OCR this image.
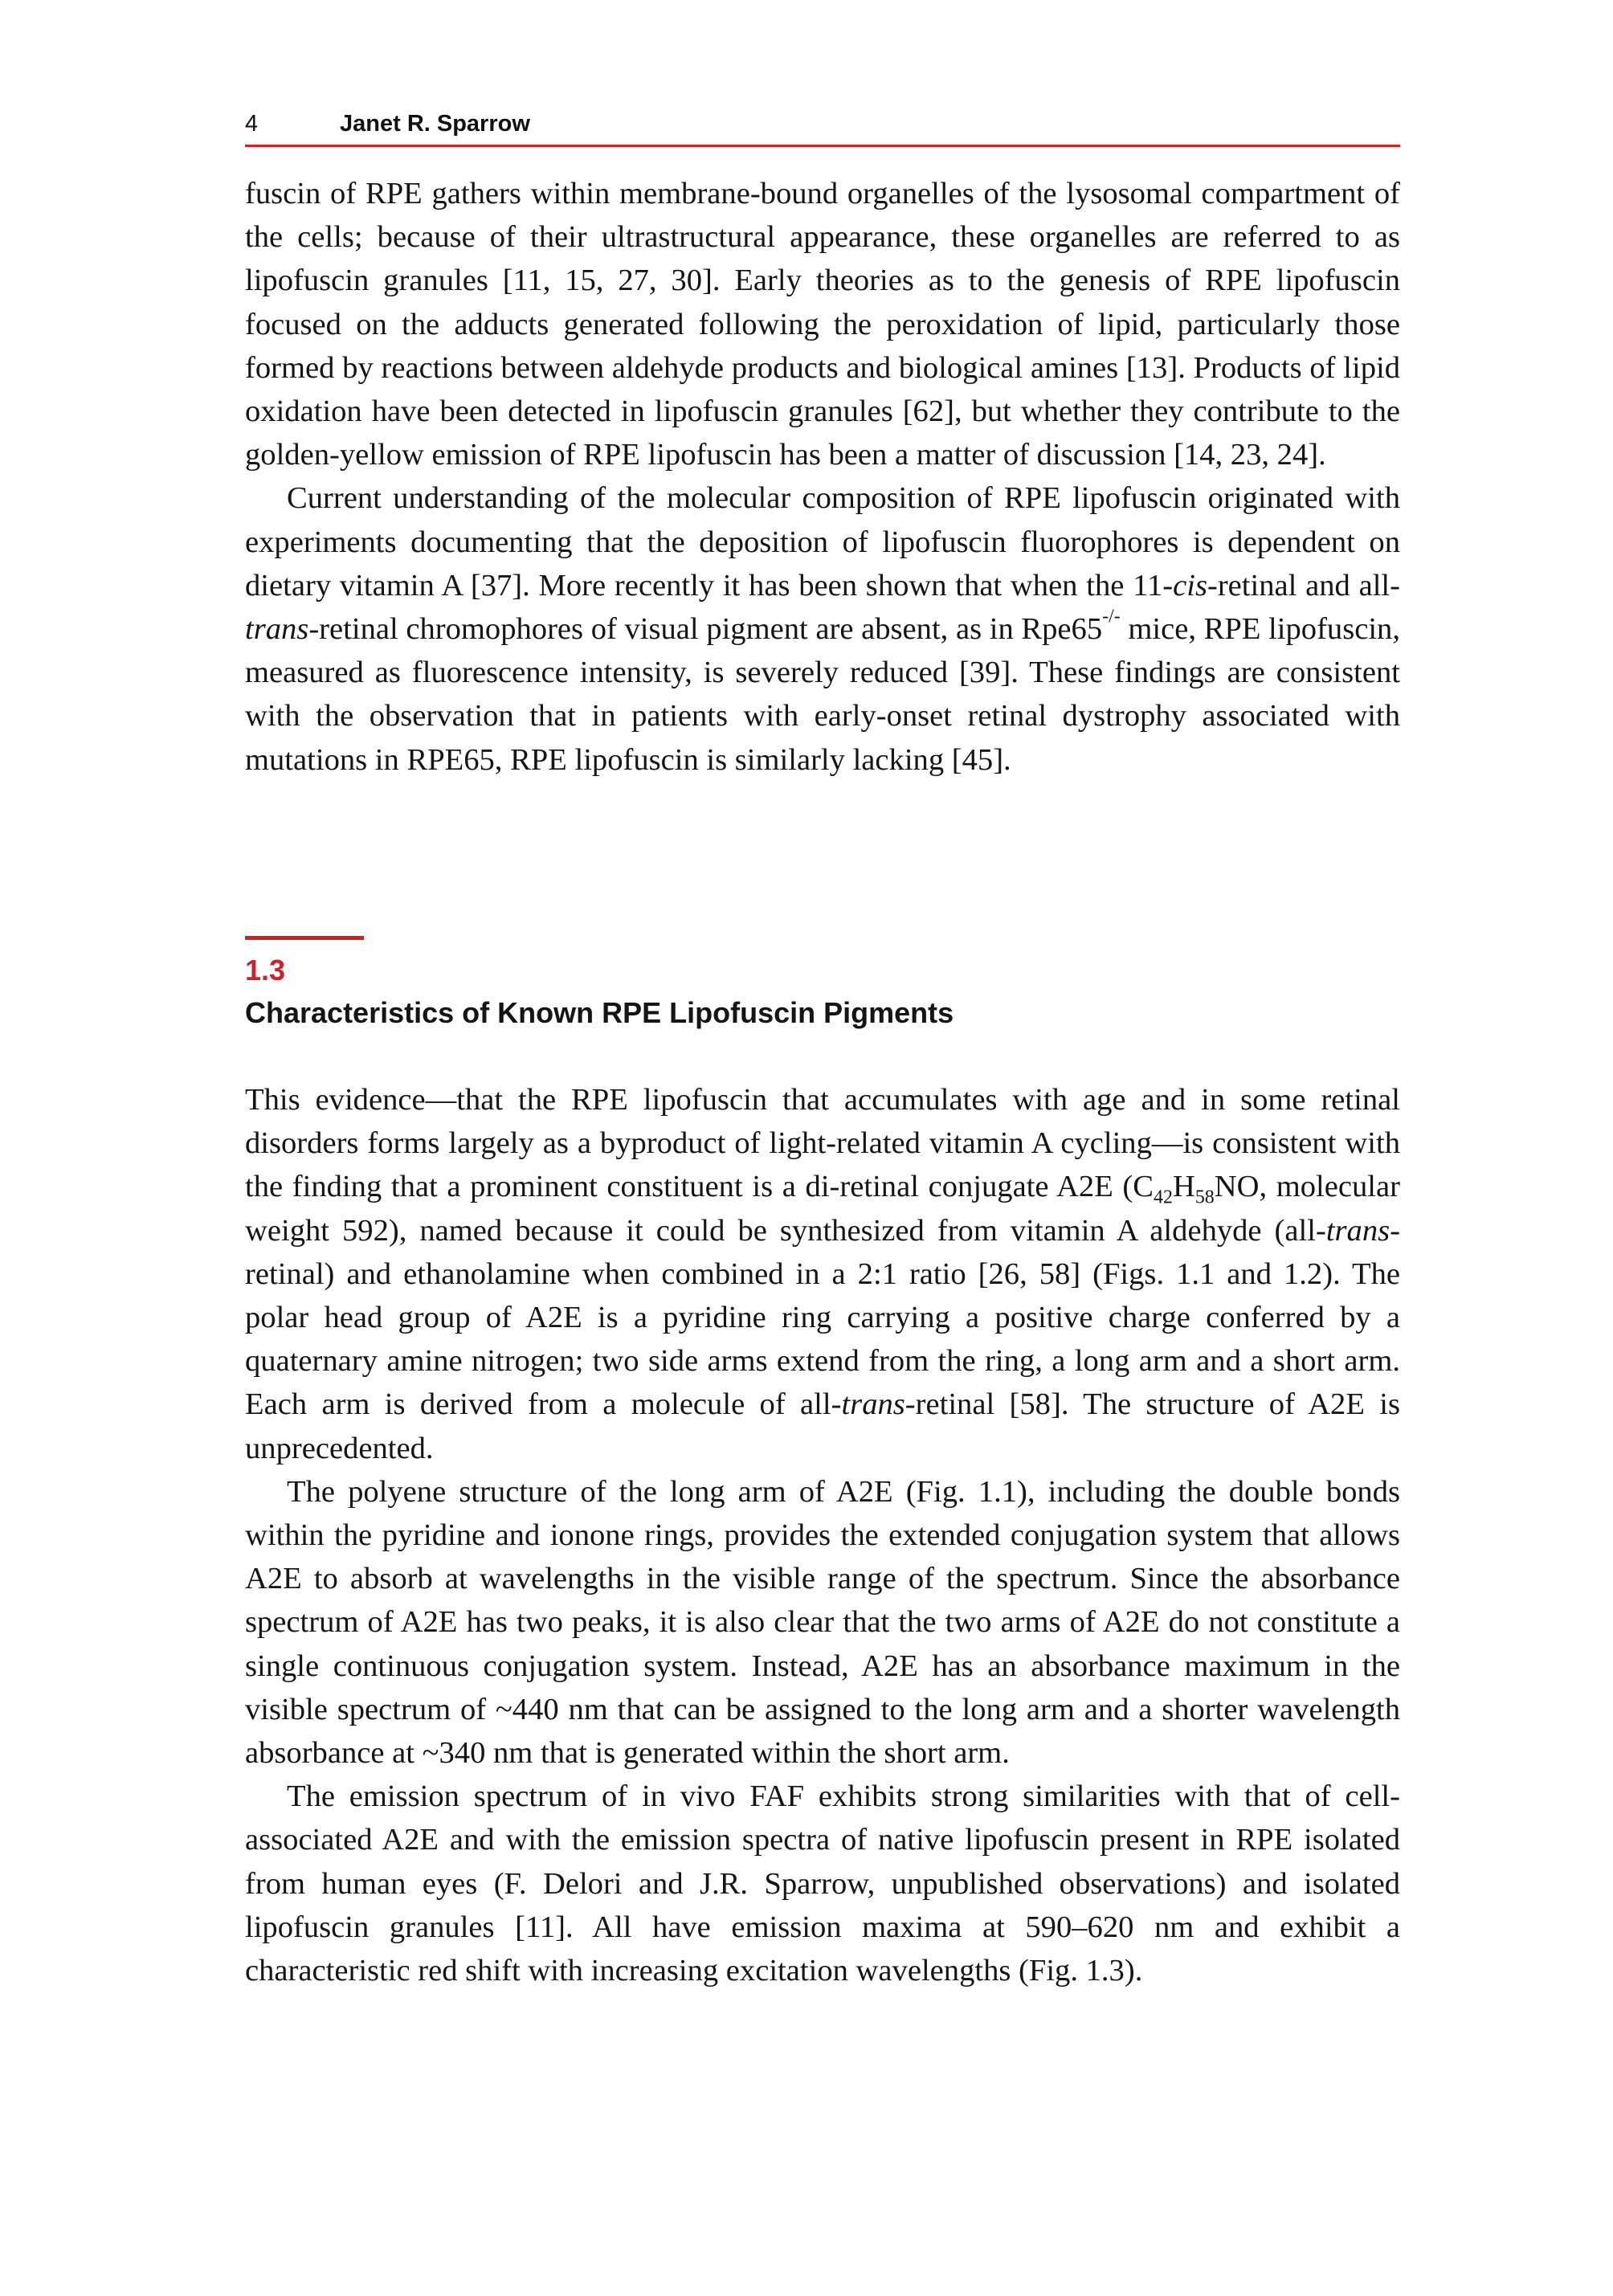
4	Janet R. Sparrow

fuscin of RPE gathers within membrane-bound organelles of the lysosomal compartment of the cells; because of their ultrastructural appearance, these organelles are referred to as lipofuscin granules [11, 15, 27, 30]. Early theories as to the genesis of RPE lipofuscin focused on the adducts generated following the peroxidation of lipid, particularly those formed by reactions between aldehyde products and biological amines [13]. Products of lipid oxidation have been detected in lipofuscin granules [62], but whether they contribute to the golden-yellow emission of RPE lipofuscin has been a matter of discussion [14, 23, 24].

Current understanding of the molecular composition of RPE lipofuscin originated with experiments documenting that the deposition of lipofuscin fluorophores is dependent on dietary vitamin A [37]. More recently it has been shown that when the 11-cis-retinal and all-trans-retinal chromophores of visual pigment are absent, as in Rpe65-/- mice, RPE lipofuscin, measured as fluorescence intensity, is severely reduced [39]. These findings are consistent with the observation that in patients with early-onset retinal dystrophy associated with mutations in RPE65, RPE lipofuscin is similarly lacking [45].

1.3
Characteristics of Known RPE Lipofuscin Pigments

This evidence—that the RPE lipofuscin that accumulates with age and in some retinal disorders forms largely as a byproduct of light-related vitamin A cycling—is consistent with the finding that a prominent constituent is a di-retinal conjugate A2E ($C_{42}H_{58}NO$, molecular weight 592), named because it could be synthesized from vitamin A aldehyde (all-trans-retinal) and ethanolamine when combined in a 2:1 ratio [26, 58] (Figs. 1.1 and 1.2). The polar head group of A2E is a pyridine ring carrying a positive charge conferred by a quaternary amine nitrogen; two side arms extend from the ring, a long arm and a short arm. Each arm is derived from a molecule of all-trans-retinal [58]. The structure of A2E is unprecedented.

The polyene structure of the long arm of A2E (Fig. 1.1), including the double bonds within the pyridine and ionone rings, provides the extended conjugation system that allows A2E to absorb at wavelengths in the visible range of the spectrum. Since the absorbance spectrum of A2E has two peaks, it is also clear that the two arms of A2E do not constitute a single continuous conjugation system. Instead, A2E has an absorbance maximum in the visible spectrum of ~440 nm that can be assigned to the long arm and a shorter wavelength absorbance at ~340 nm that is generated within the short arm.

The emission spectrum of in vivo FAF exhibits strong similarities with that of cell-associated A2E and with the emission spectra of native lipofuscin present in RPE isolated from human eyes (F. Delori and J.R. Sparrow, unpublished observations) and isolated lipofuscin granules [11]. All have emission maxima at 590–620 nm and exhibit a characteristic red shift with increasing excitation wavelengths (Fig. 1.3).
